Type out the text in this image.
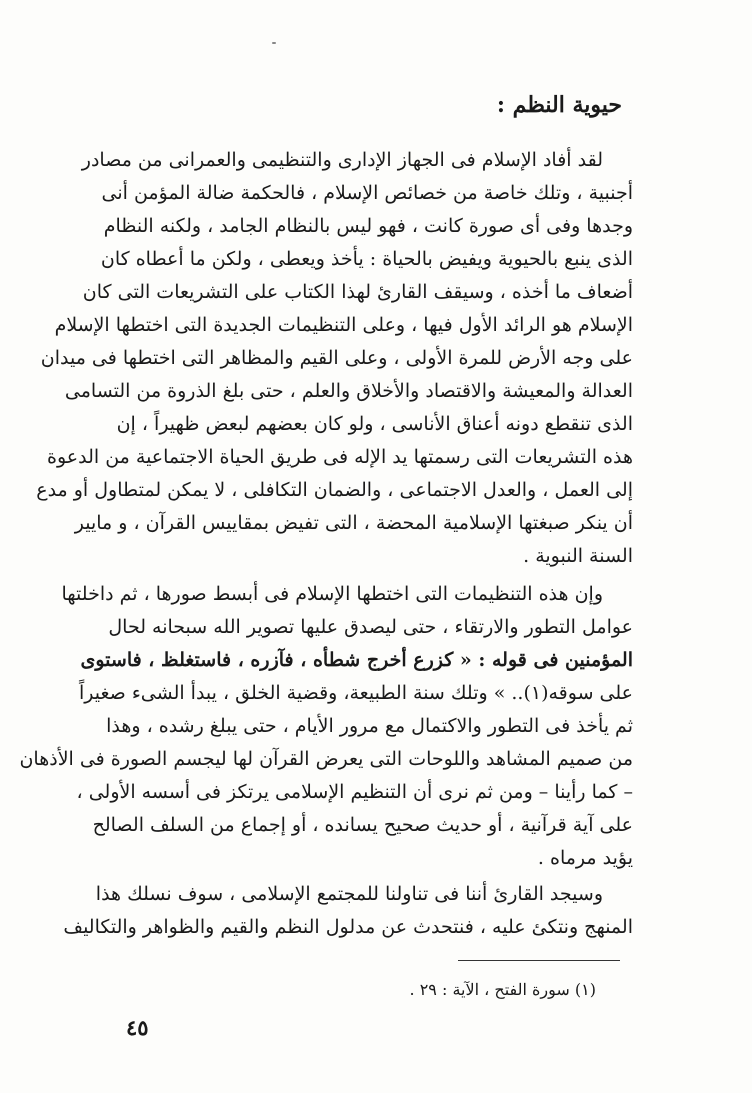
حيوية النظم :
لقد أفاد الإسلام فى الجهاز الإدارى والتنظيمى والعمرانى من مصادر
أجنبية ، وتلك خاصة من خصائص الإسلام ، فالحكمة ضالة المؤمن أنى
وجدها وفى أى صورة كانت ، فهو ليس بالنظام الجامد ، ولكنه النظام
الذى ينبع بالحيوية ويفيض بالحياة : يأخذ ويعطى ، ولكن ما أعطاه كان
أضعاف ما أخذه ، وسيقف القارئ لهذا الكتاب على التشريعات التى كان
الإسلام هو الرائد الأول فيها ، وعلى التنظيمات الجديدة التى اختطها الإسلام
على وجه الأرض للمرة الأولى ، وعلى القيم والمظاهر التى اختطها فى ميدان
العدالة والمعيشة والاقتصاد والأخلاق والعلم ، حتى بلغ الذروة من التسامى
الذى تنقطع دونه أعناق الأناسى ، ولو كان بعضهم لبعض ظهيراً ، إن
هذه التشريعات التى رسمتها يد الإله فى طريق الحياة الاجتماعية من الدعوة
إلى العمل ، والعدل الاجتماعى ، والضمان التكافلى ، لا يمكن لمتطاول أو مدع
أن ينكر صبغتها الإسلامية المحضة ، التى تفيض بمقاييس القرآن ، و مايير
السنة النبوية .
وإن هذه التنظيمات التى اختطها الإسلام فى أبسط صورها ، ثم داخلتها
عوامل التطور والارتقاء ، حتى ليصدق عليها تصوير الله سبحانه لحال
المؤمنين فى قوله : « كزرع أخرج شطأه ، فآزره ، فاستغلظ ، فاستوى
على سوقه(١).. » وتلك سنة الطبيعة، وقضية الخلق ، يبدأ الشىء صغيراً
ثم يأخذ فى التطور والاكتمال مع مرور الأيام ، حتى يبلغ رشده ، وهذا
من صميم المشاهد واللوحات التى يعرض القرآن لها ليجسم الصورة فى الأذهان
– كما رأينا – ومن ثم نرى أن التنظيم الإسلامى يرتكز فى أسسه الأولى ،
على آية قرآنية ، أو حديث صحيح يسانده ، أو إجماع من السلف الصالح
يؤيد مرماه .
وسيجد القارئ أننا فى تناولنا للمجتمع الإسلامى ، سوف نسلك هذا
المنهج ونتكئ عليه ، فنتحدث عن مدلول النظم والقيم والظواهر والتكاليف
(١) سورة الفتح ، الآية : ٢٩ .
٤٥
